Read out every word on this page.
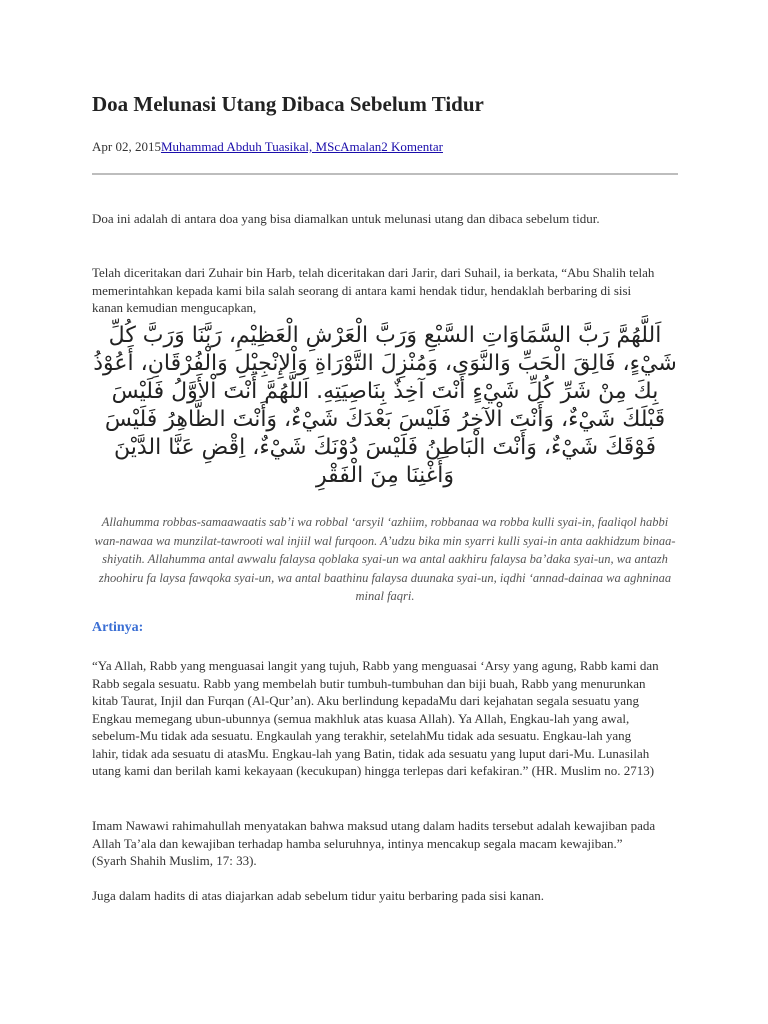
Doa Melunasi Utang Dibaca Sebelum Tidur
Apr 02, 2015Muhammad Abduh Tuasikal, MScAmalan2 Komentar

Doa ini adalah di antara doa yang bisa diamalkan untuk melunasi utang dan dibaca sebelum tidur.

Telah diceritakan dari Zuhair bin Harb, telah diceritakan dari Jarir, dari Suhail, ia berkata, “Abu Shalih telah memerintahkan kepada kami bila salah seorang di antara kami hendak tidur, hendaklah berbaring di sisi kanan kemudian mengucapkan,

اَللَّهُمَّ رَبَّ السَّمَاوَاتِ السَّبْعِ وَرَبَّ الْعَرْشِ الْعَظِيْمِ، رَبَّنَا وَرَبَّ كُلِّ شَيْءٍ، فَالِقَ الْحَبِّ وَالنَّوَى، وَمُنْزِلَ التَّوْرَاةِ وَاْلإِنْجِيْلِ وَالْفُرْقَانِ، أَعُوْذُ بِكَ مِنْ شَرِّ كُلِّ شَيْءٍ أَنْتَ آخِذٌ بِنَاصِيَتِهِ. اَللَّهُمَّ أَنْتَ اْلأَوَّلُ فَلَيْسَ قَبْلَكَ شَيْءٌ، وَأَنْتَ اْلآخِرُ فَلَيْسَ بَعْدَكَ شَيْءٌ، وَأَنْتَ الظَّاهِرُ فَلَيْسَ فَوْقَكَ شَيْءٌ، وَأَنْتَ الْبَاطِنُ فَلَيْسَ دُوْنَكَ شَيْءٌ، اِقْضِ عَنَّا الدَّيْنَ وَأَغْنِنَا مِنَ الْفَقْرِ

Allahumma robbas-samaawaatis sab’i wa robbal ‘arsyil ‘azhiim, robbanaa wa robba kulli syai-in, faaliqol habbi wan-nawaa wa munzilat-tawrooti wal injiil wal furqoon. A’udzu bika min syarri kulli syai-in anta aakhidzum binaa-shiyatih. Allahumma antal awwalu falaysa qoblaka syai-un wa antal aakhiru falaysa ba’daka syai-un, wa antazh zhoohiru fa laysa fawqoka syai-un, wa antal baathinu falaysa duunaka syai-un, iqdhi ‘annad-dainaa wa aghninaa minal faqri.

Artinya:

“Ya Allah, Rabb yang menguasai langit yang tujuh, Rabb yang menguasai ‘Arsy yang agung, Rabb kami dan Rabb segala sesuatu. Rabb yang membelah butir tumbuh-tumbuhan dan biji buah, Rabb yang menurunkan kitab Taurat, Injil dan Furqan (Al-Qur’an). Aku berlindung kepadaMu dari kejahatan segala sesuatu yang Engkau memegang ubun-ubunnya (semua makhluk atas kuasa Allah). Ya Allah, Engkau-lah yang awal, sebelum-Mu tidak ada sesuatu. Engkaulah yang terakhir, setelahMu tidak ada sesuatu. Engkau-lah yang lahir, tidak ada sesuatu di atasMu. Engkau-lah yang Batin, tidak ada sesuatu yang luput dari-Mu. Lunasilah utang kami dan berilah kami kekayaan (kecukupan) hingga terlepas dari kefakiran.” (HR. Muslim no. 2713)

Imam Nawawi rahimahullah menyatakan bahwa maksud utang dalam hadits tersebut adalah kewajiban pada Allah Ta’ala dan kewajiban terhadap hamba seluruhnya, intinya mencakup segala macam kewajiban.” (Syarh Shahih Muslim, 17: 33).

Juga dalam hadits di atas diajarkan adab sebelum tidur yaitu berbaring pada sisi kanan.
